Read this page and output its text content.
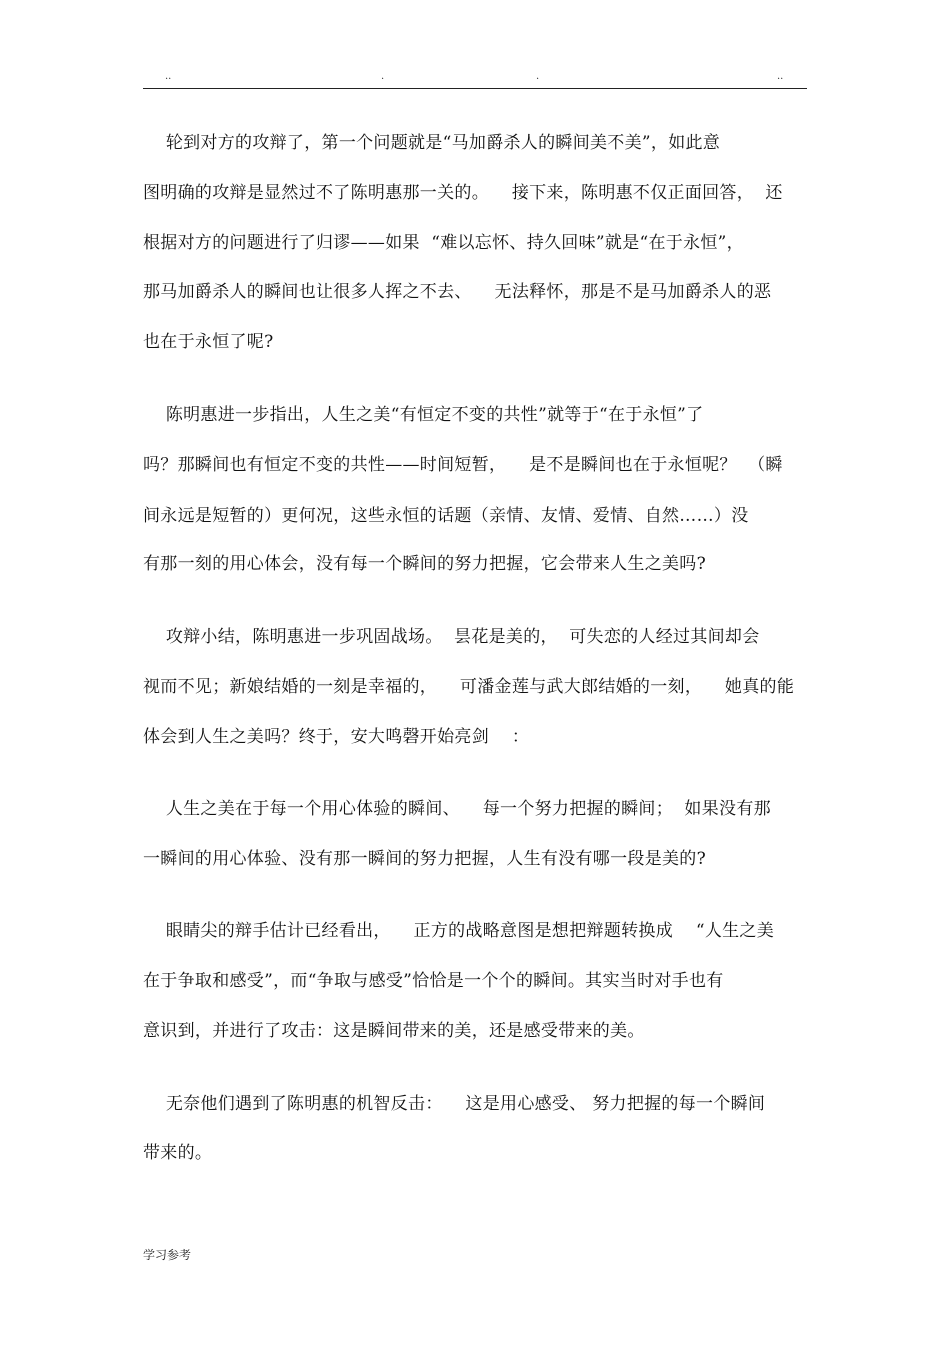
..	.	.	..
轮到对方的攻辩了，第一个问题就是“马加爵杀人的瞬间美不美”，如此意
图明确的攻辩是显然过不了陈明惠那一关的。    接下来，陈明惠不仅正面回答，  还
根据对方的问题进行了归谬——如果  “难以忘怀、持久回味”就是“在于永恒”，
那马加爵杀人的瞬间也让很多人挥之不去、    无法释怀，那是不是马加爵杀人的恶
也在于永恒了呢?
陈明惠进一步指出，人生之美“有恒定不变的共性”就等于“在于永恒”了
吗？那瞬间也有恒定不变的共性——时间短暂，    是不是瞬间也在于永恒呢？  （瞬
间永远是短暂的）更何况，这些永恒的话题（亲情、友情、爱情、自然……）没
有那一刻的用心体会，没有每一个瞬间的努力把握，它会带来人生之美吗?
攻辩小结，陈明惠进一步巩固战场。  昙花是美的，  可失恋的人经过其间却会
视而不见；新娘结婚的一刻是幸福的，    可潘金莲与武大郎结婚的一刻，    她真的能
体会到人生之美吗？终于，安大鸣磬开始亮剑    ：
人生之美在于每一个用心体验的瞬间、    每一个努力把握的瞬间；  如果没有那
一瞬间的用心体验、没有那一瞬间的努力把握，人生有没有哪一段是美的?
眼睛尖的辩手估计已经看出，    正方的战略意图是想把辩题转换成    “人生之美
在于争取和感受”，而“争取与感受”恰恰是一个个的瞬间。其实当时对手也有
意识到，并进行了攻击：这是瞬间带来的美，还是感受带来的美。
无奈他们遇到了陈明惠的机智反击：    这是用心感受、 努力把握的每一个瞬间
带来的。
学习参考
